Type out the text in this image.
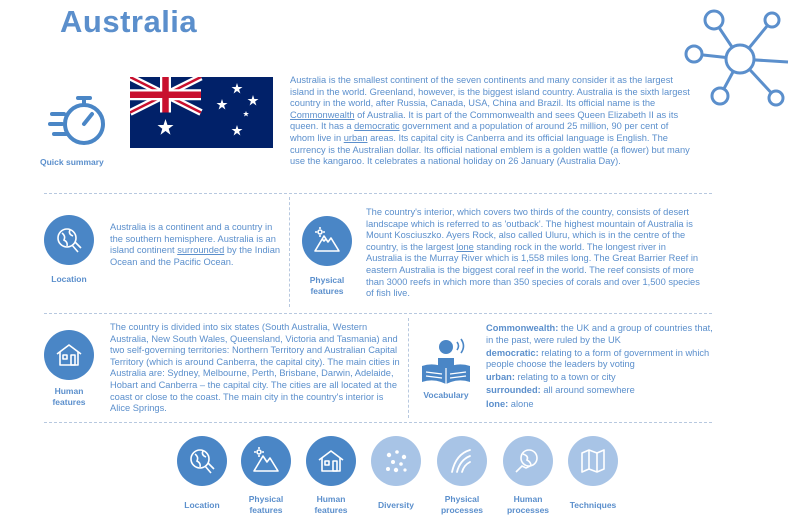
Australia
Quick summary
Australia is the smallest continent of the seven continents and many consider it as the largest island in the world. Greenland, however, is the biggest island country. Australia is the sixth largest country in the world, after Russia, Canada, USA, China and Brazil. Its official name is the Commonwealth of Australia. It is part of the Commonwealth and sees Queen Elizabeth II as its queen. It has a democratic government and a population of around 25 million, 90 per cent of whom live in urban areas. Its capital city is Canberra and its official language is English. The currency is the Australian dollar. Its official national emblem is a golden wattle (a flower) but many use the kangaroo. It celebrates a national holiday on 26 January (Australia Day).
Location
Australia is a continent and a country in the southern hemisphere. Australia is an island continent surrounded by the Indian Ocean and the Pacific Ocean.
Physical
features
The country's interior, which covers two thirds of the country, consists of desert landscape which is referred to as 'outback'. The highest mountain of Australia is Mount Kosciuszko. Ayers Rock, also called Uluru, which is in the centre of the country, is the largest lone standing rock in the world. The longest river in Australia is the Murray River which is 1,558 miles long. The Great Barrier Reef in eastern Australia is the biggest coral reef in the world. The reef consists of more than 3000 reefs in which more than 350 species of corals and over 1,500 species of fish live.
Human
features
The country is divided into six states (South Australia, Western Australia, New South Wales, Queensland, Victoria and Tasmania) and two self-governing territories: Northern Territory and Australian Capital Territory (which is around Canberra, the capital city). The main cities in Australia are: Sydney, Melbourne, Perth, Brisbane, Darwin, Adelaide, Hobart and Canberra – the capital city. The cities are all located at the coast or close to the coast. The main city in the country's interior is Alice Springs.
Vocabulary
Commonwealth: the UK and a group of countries that, in the past, were ruled by the UK
democratic: relating to a form of government in which people choose the leaders by voting
urban: relating to a town or city
surrounded: all around somewhere
lone: alone
Location
Physical
features
Human
features	Diversity
Physical
processes
Human
processes	Techniques
